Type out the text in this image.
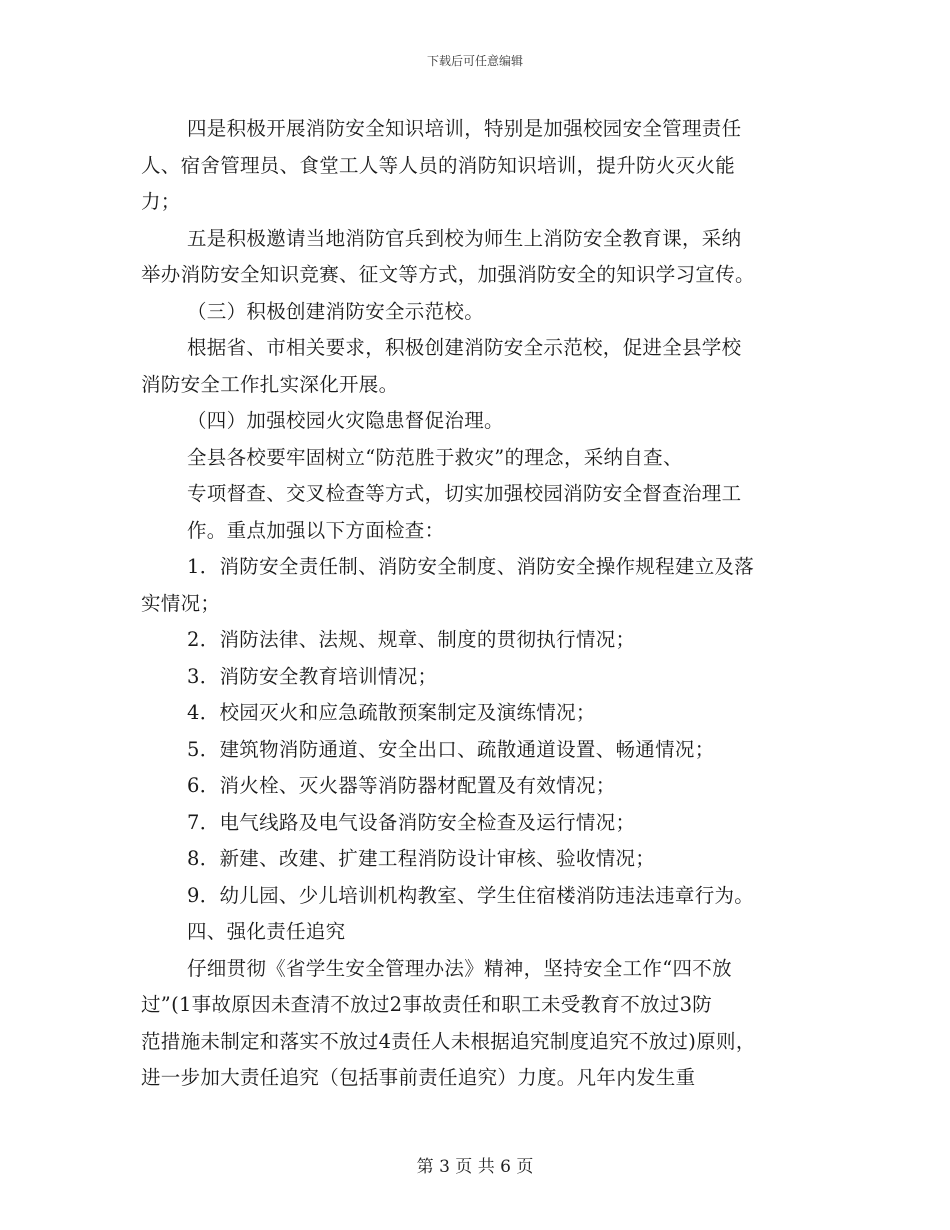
下载后可任意编辑
四是积极开展消防安全知识培训，特别是加强校园安全管理责任
人、宿舍管理员、食堂工人等人员的消防知识培训，提升防火灭火能
力；
五是积极邀请当地消防官兵到校为师生上消防安全教育课，采纳
举办消防安全知识竞赛、征文等方式，加强消防安全的知识学习宣传。
（三）积极创建消防安全示范校。
根据省、市相关要求，积极创建消防安全示范校，促进全县学校
消防安全工作扎实深化开展。
（四）加强校园火灾隐患督促治理。
全县各校要牢固树立“防范胜于救灾”的理念，采纳自查、
专项督查、交叉检查等方式，切实加强校园消防安全督查治理工
作。重点加强以下方面检查：
1．消防安全责任制、消防安全制度、消防安全操作规程建立及落
实情况；
2．消防法律、法规、规章、制度的贯彻执行情况；
3．消防安全教育培训情况；
4．校园灭火和应急疏散预案制定及演练情况；
5．建筑物消防通道、安全出口、疏散通道设置、畅通情况；
6．消火栓、灭火器等消防器材配置及有效情况；
7．电气线路及电气设备消防安全检查及运行情况；
8．新建、改建、扩建工程消防设计审核、验收情况；
9．幼儿园、少儿培训机构教室、学生住宿楼消防违法违章行为。
四、强化责任追究
仔细贯彻《省学生安全管理办法》精神，坚持安全工作“四不放
过”(1事故原因未查清不放过2事故责任和职工未受教育不放过3防
范措施未制定和落实不放过4责任人未根据追究制度追究不放过)原则，
进一步加大责任追究（包括事前责任追究）力度。凡年内发生重
第 3 页 共 6 页
